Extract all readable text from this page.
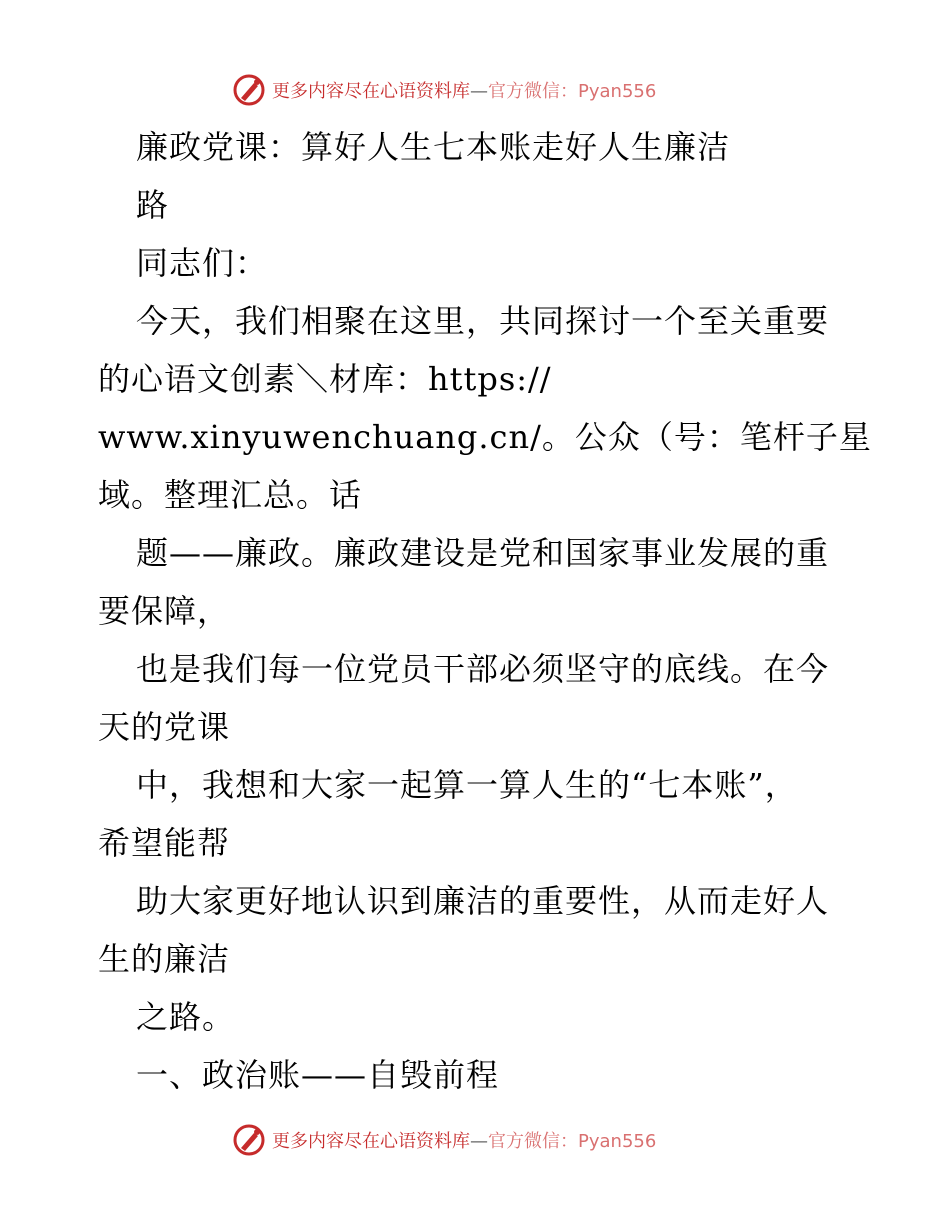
更多内容尽在心语资料库—官方微信：Pyan556
廉政党课：算好人生七本账走好人生廉洁
路
同志们：
今天，我们相聚在这里，共同探讨一个至关重要
的心语文创素＼材库：https://
www.xinyuwenchuang.cn/。公众（号：笔杆子星
域。整理汇总。话
题——廉政。廉政建设是党和国家事业发展的重
要保障，
也是我们每一位党员干部必须坚守的底线。在今
天的党课
中，我想和大家一起算一算人生的“七本账”，
希望能帮
助大家更好地认识到廉洁的重要性，从而走好人
生的廉洁
之路。
一、政治账——自毁前程
更多内容尽在心语资料库—官方微信：Pyan556
